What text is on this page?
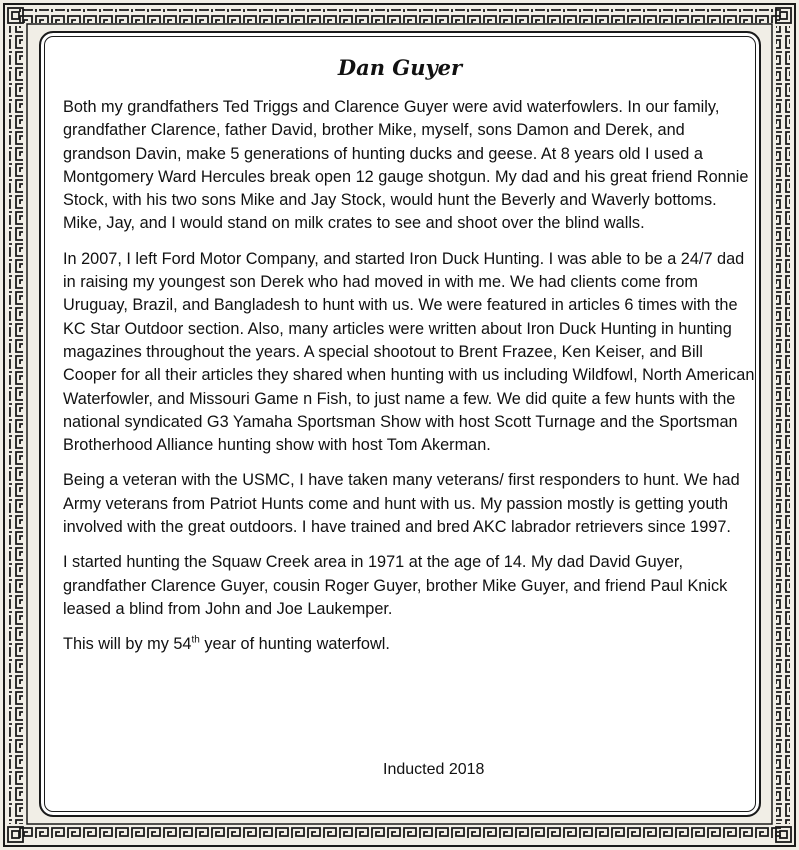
Dan Guyer

Both my grandfathers Ted Triggs and Clarence Guyer were avid waterfowlers. In our family, grandfather Clarence, father David, brother Mike, myself, sons Damon and Derek, and grandson Davin, make 5 generations of hunting ducks and geese. At 8 years old I used a Montgomery Ward Hercules break open 12 gauge shotgun. My dad and his great friend Ronnie Stock, with his two sons Mike and Jay Stock, would hunt the Beverly and Waverly bottoms. Mike, Jay, and I would stand on milk crates to see and shoot over the blind walls.

In 2007, I left Ford Motor Company, and started Iron Duck Hunting. I was able to be a 24/7 dad in raising my youngest son Derek who had moved in with me. We had clients come from Uruguay, Brazil, and Bangladesh to hunt with us. We were featured in articles 6 times with the KC Star Outdoor section. Also, many articles were written about Iron Duck Hunting in hunting magazines throughout the years. A special shootout to Brent Frazee, Ken Keiser, and Bill Cooper for all their articles they shared when hunting with us including Wildfowl, North American Waterfowler, and Missouri Game n Fish, to just name a few. We did quite a few hunts with the national syndicated G3 Yamaha Sportsman Show with host Scott Turnage and the Sportsman Brotherhood Alliance hunting show with host Tom Akerman.

Being a veteran with the USMC, I have taken many veterans/ first responders to hunt. We had Army veterans from Patriot Hunts come and hunt with us. My passion mostly is getting youth involved with the great outdoors. I have trained and bred AKC labrador retrievers since 1997.

I started hunting the Squaw Creek area in 1971 at the age of 14. My dad David Guyer, grandfather Clarence Guyer, cousin Roger Guyer, brother Mike Guyer, and friend Paul Knick leased a blind from John and Joe Laukemper.

This will by my 54th year of hunting waterfowl.

Inducted 2018
